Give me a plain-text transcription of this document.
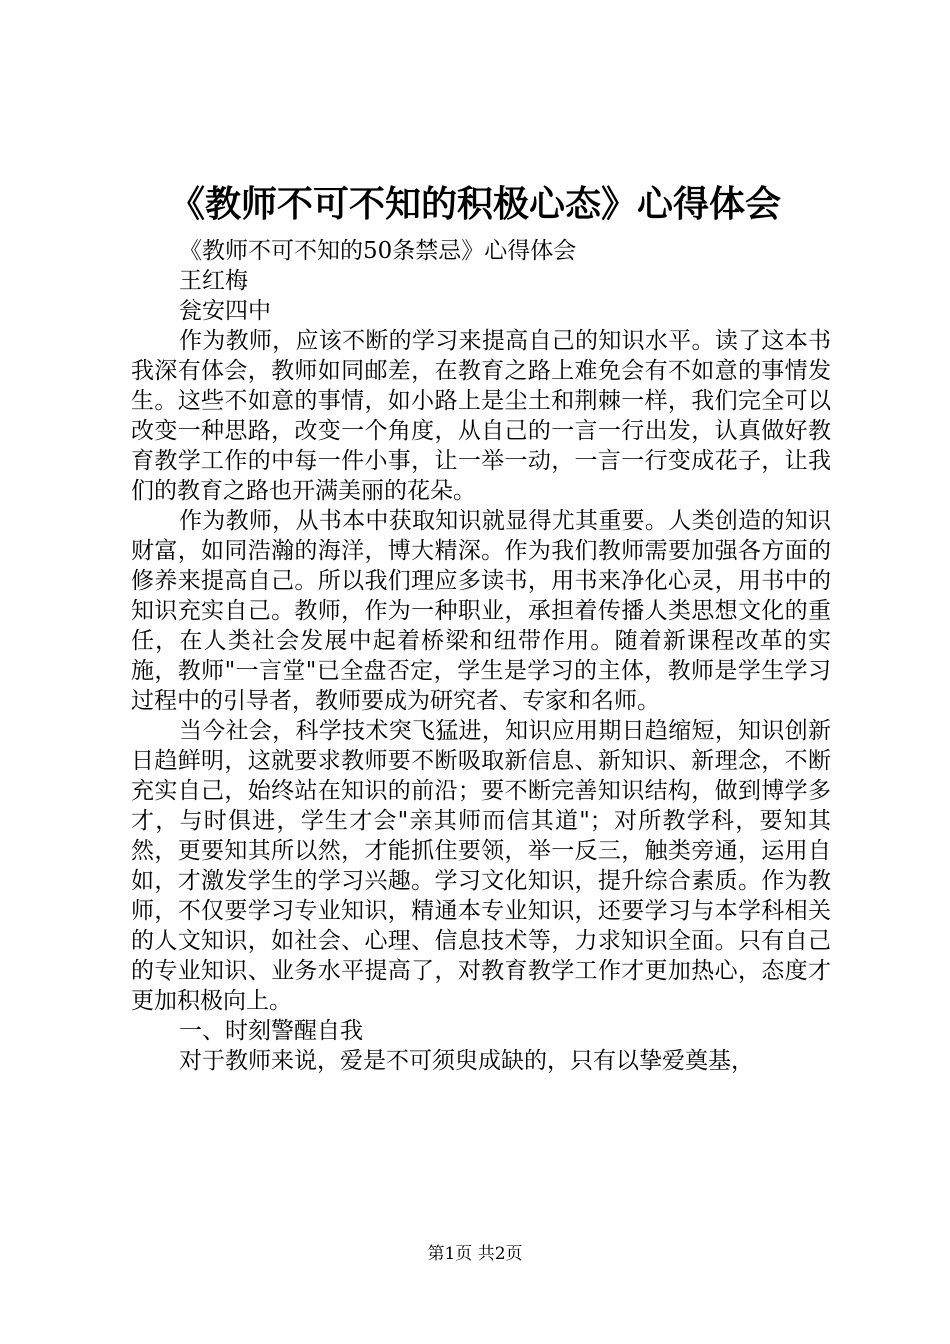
《教师不可不知的积极心态》心得体会

《教师不可不知的50条禁忌》心得体会

王红梅

瓮安四中

作为教师，应该不断的学习来提高自己的知识水平。读了这本书我深有体会，教师如同邮差，在教育之路上难免会有不如意的事情发生。这些不如意的事情，如小路上是尘土和荆棘一样，我们完全可以改变一种思路，改变一个角度，从自己的一言一行出发，认真做好教育教学工作的中每一件小事，让一举一动，一言一行变成花子，让我们的教育之路也开满美丽的花朵。

作为教师，从书本中获取知识就显得尤其重要。人类创造的知识财富，如同浩瀚的海洋，博大精深。作为我们教师需要加强各方面的修养来提高自己。所以我们理应多读书，用书来净化心灵，用书中的知识充实自己。教师，作为一种职业，承担着传播人类思想文化的重任，在人类社会发展中起着桥梁和纽带作用。随着新课程改革的实施，教师"一言堂"已全盘否定，学生是学习的主体，教师是学生学习过程中的引导者，教师要成为研究者、专家和名师。

当今社会，科学技术突飞猛进，知识应用期日趋缩短，知识创新日趋鲜明，这就要求教师要不断吸取新信息、新知识、新理念，不断充实自己，始终站在知识的前沿；要不断完善知识结构，做到博学多才，与时俱进，学生才会"亲其师而信其道"；对所教学科，要知其然，更要知其所以然，才能抓住要领，举一反三，触类旁通，运用自如，才激发学生的学习兴趣。学习文化知识，提升综合素质。作为教师，不仅要学习专业知识，精通本专业知识，还要学习与本学科相关的人文知识，如社会、心理、信息技术等，力求知识全面。只有自己的专业知识、业务水平提高了，对教育教学工作才更加热心，态度才更加积极向上。

一、时刻警醒自我

对于教师来说，爱是不可须臾成缺的，只有以挚爱奠基，

第1页 共2页
